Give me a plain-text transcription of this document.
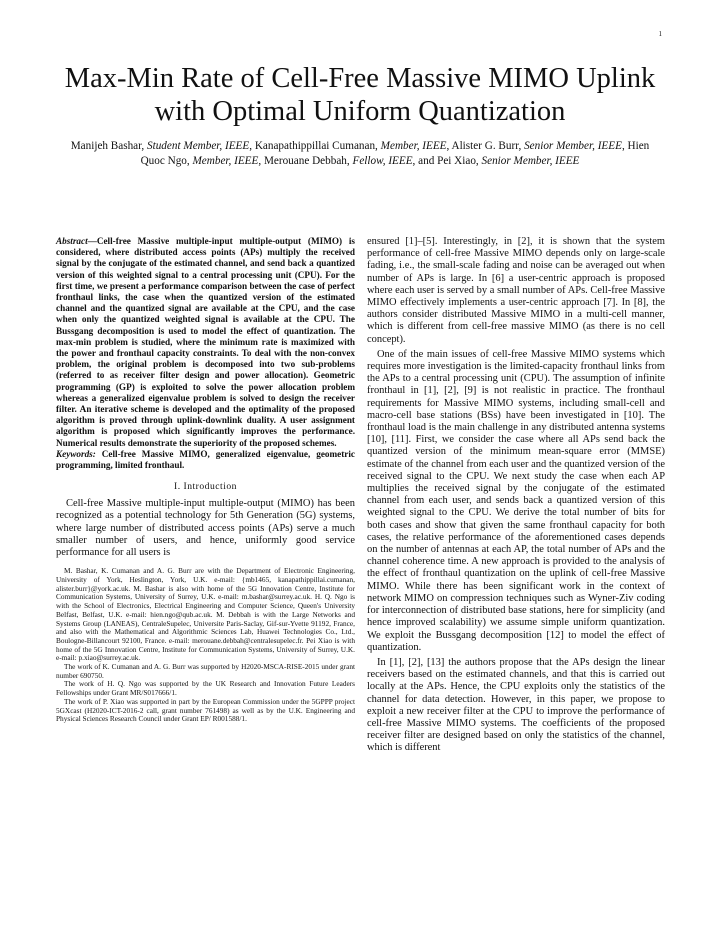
1
Max-Min Rate of Cell-Free Massive MIMO Uplink with Optimal Uniform Quantization
Manijeh Bashar, Student Member, IEEE, Kanapathippillai Cumanan, Member, IEEE, Alister G. Burr, Senior Member, IEEE, Hien Quoc Ngo, Member, IEEE, Merouane Debbah, Fellow, IEEE, and Pei Xiao, Senior Member, IEEE

Abstract—Cell-free Massive multiple-input multiple-output (MIMO) is considered, where distributed access points (APs) multiply the received signal by the conjugate of the estimated channel, and send back a quantized version of this weighted signal to a central processing unit (CPU). For the first time, we present a performance comparison between the case of perfect fronthaul links, the case when the quantized version of the estimated channel and the quantized signal are available at the CPU, and the case when only the quantized weighted signal is available at the CPU. The Bussgang decomposition is used to model the effect of quantization. The max-min problem is studied, where the minimum rate is maximized with the power and fronthaul capacity constraints. To deal with the non-convex problem, the original problem is decomposed into two sub-problems (referred to as receiver filter design and power allocation). Geometric programming (GP) is exploited to solve the power allocation problem whereas a generalized eigenvalue problem is solved to design the receiver filter. An iterative scheme is developed and the optimality of the proposed algorithm is proved through uplink-downlink duality. A user assignment algorithm is proposed which significantly improves the performance. Numerical results demonstrate the superiority of the proposed schemes.

Keywords: Cell-free Massive MIMO, generalized eigenvalue, geometric programming, limited fronthaul.

I. Introduction

Cell-free Massive multiple-input multiple-output (MIMO) has been recognized as a potential technology for 5th Generation (5G) systems, where large number of distributed access points (APs) serve a much smaller number of users, and hence, uniformly good service performance for all users is

M. Bashar, K. Cumanan and A. G. Burr are with the Department of Electronic Engineering, University of York, Heslington, York, U.K. e-mail: {mb1465, kanapathippillai.cumanan, alister.burr}@york.ac.uk. M. Bashar is also with home of the 5G Innovation Centre, Institute for Communication Systems, University of Surrey, U.K. e-mail: m.bashar@surrey.ac.uk. H. Q. Ngo is with the School of Electronics, Electrical Engineering and Computer Science, Queen's University Belfast, Belfast, U.K. e-mail: hien.ngo@qub.ac.uk. M. Debbah is with the Large Networks and Systems Group (LANEAS), CentraleSupelec, Universite Paris-Saclay, Gif-sur-Yvette 91192, France, and also with the Mathematical and Algorithmic Sciences Lab, Huawei Technologies Co., Ltd., Boulogne-Billancourt 92100, France. e-mail: merouane.debbah@centralesupelec.fr. Pei Xiao is with home of the 5G Innovation Centre, Institute for Communication Systems, University of Surrey, U.K. e-mail: p.xiao@surrey.ac.uk.

The work of K. Cumanan and A. G. Burr was supported by H2020-MSCA-RISE-2015 under grant number 690750.

The work of H. Q. Ngo was supported by the UK Research and Innovation Future Leaders Fellowships under Grant MR/S017666/1.

The work of P. Xiao was supported in part by the European Commission under the 5GPPP project 5GXcast (H2020-ICT-2016-2 call, grant number 761498) as well as by the U.K. Engineering and Physical Sciences Research Council under Grant EP/ R001588/1.

ensured [1]–[5]. Interestingly, in [2], it is shown that the system performance of cell-free Massive MIMO depends only on large-scale fading, i.e., the small-scale fading and noise can be averaged out when number of APs is large. In [6] a user-centric approach is proposed where each user is served by a small number of APs. Cell-free Massive MIMO effectively implements a user-centric approach [7]. In [8], the authors consider distributed Massive MIMO in a multi-cell manner, which is different from cell-free massive MIMO (as there is no cell concept).

One of the main issues of cell-free Massive MIMO systems which requires more investigation is the limited-capacity fronthaul links from the APs to a central processing unit (CPU). The assumption of infinite fronthaul in [1], [2], [9] is not realistic in practice. The fronthaul requirements for Massive MIMO systems, including small-cell and macro-cell base stations (BSs) have been investigated in [10]. The fronthaul load is the main challenge in any distributed antenna systems [10], [11]. First, we consider the case where all APs send back the quantized version of the minimum mean-square error (MMSE) estimate of the channel from each user and the quantized version of the received signal to the CPU. We next study the case when each AP multiplies the received signal by the conjugate of the estimated channel from each user, and sends back a quantized version of this weighted signal to the CPU. We derive the total number of bits for both cases and show that given the same fronthaul capacity for both cases, the relative performance of the aforementioned cases depends on the number of antennas at each AP, the total number of APs and the channel coherence time. A new approach is provided to the analysis of the effect of fronthaul quantization on the uplink of cell-free Massive MIMO. While there has been significant work in the context of network MIMO on compression techniques such as Wyner-Ziv coding for interconnection of distributed base stations, here for simplicity (and hence improved scalability) we assume simple uniform quantization. We exploit the Bussgang decomposition [12] to model the effect of quantization.

In [1], [2], [13] the authors propose that the APs design the linear receivers based on the estimated channels, and that this is carried out locally at the APs. Hence, the CPU exploits only the statistics of the channel for data detection. However, in this paper, we propose to exploit a new receiver filter at the CPU to improve the performance of cell-free Massive MIMO systems. The coefficients of the proposed receiver filter are designed based on only the statistics of the channel, which is different
